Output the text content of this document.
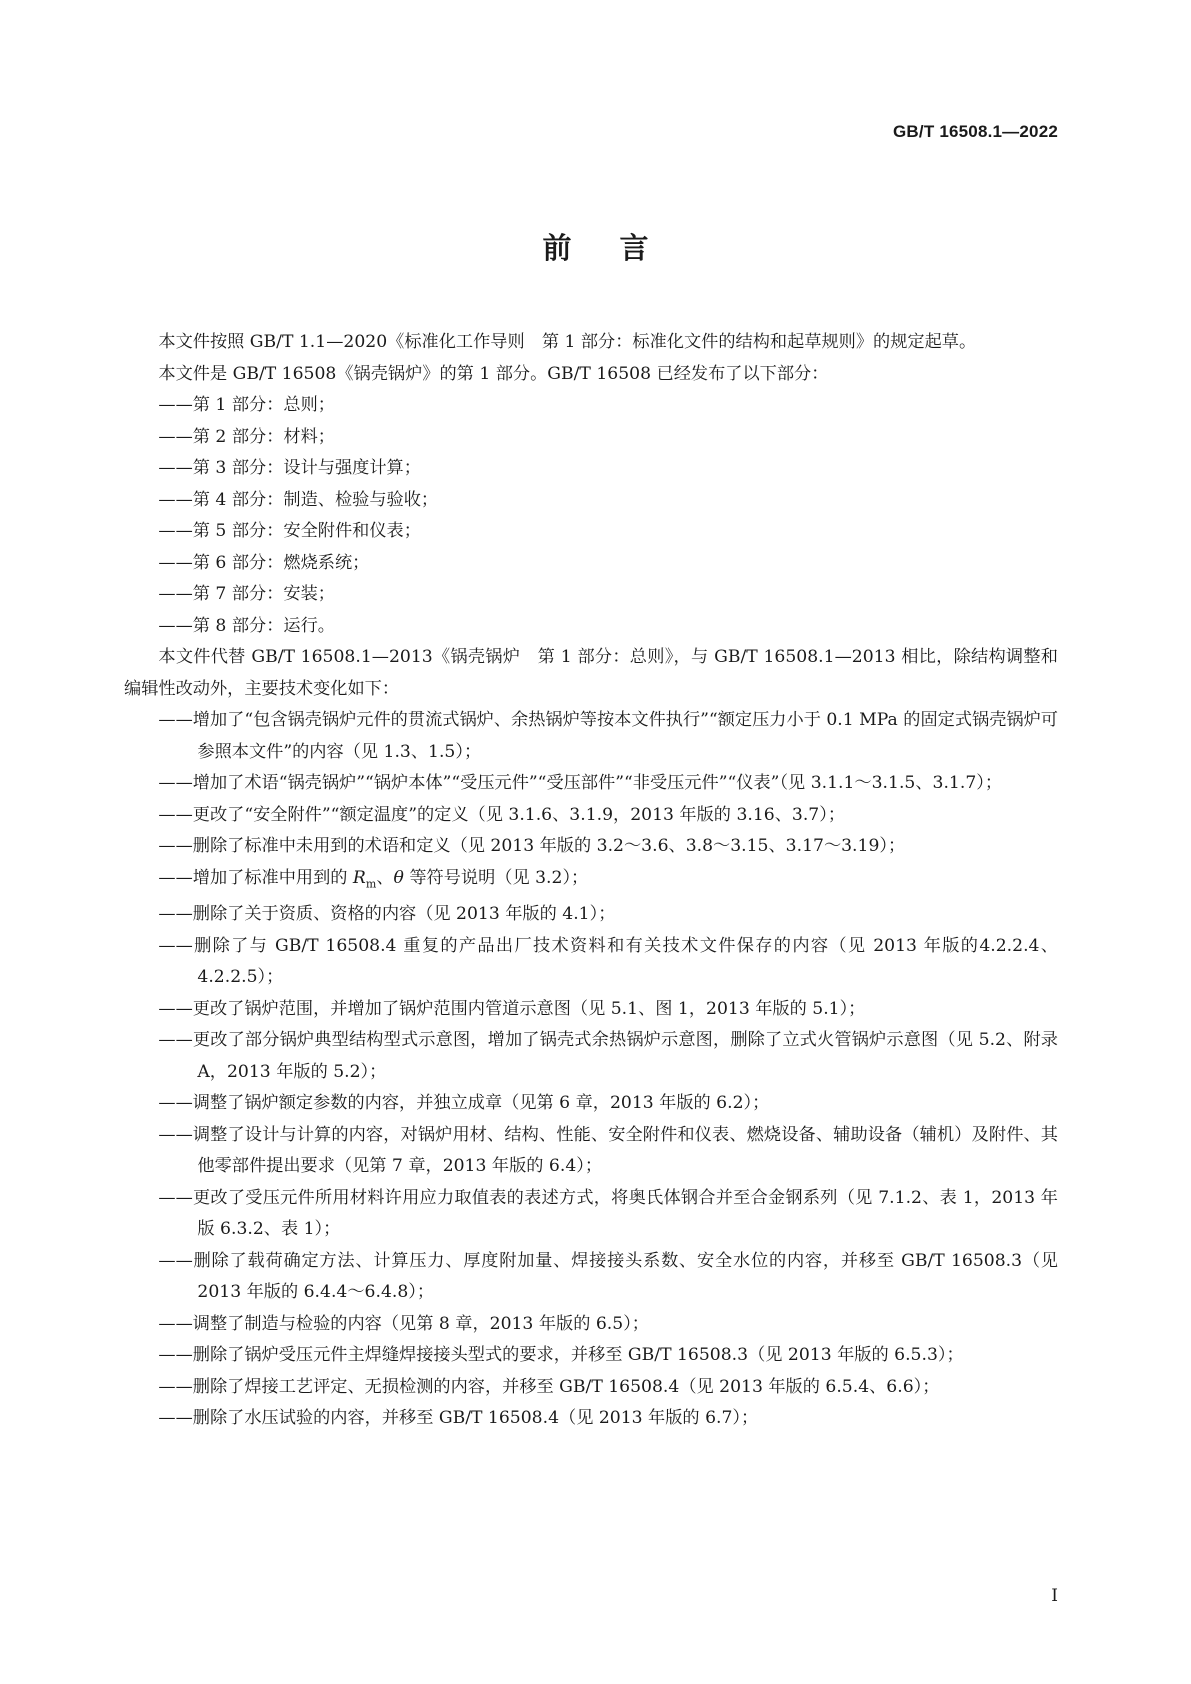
GB/T 16508.1—2022
前言

本文件按照 GB/T 1.1—2020《标准化工作导则　第 1 部分：标准化文件的结构和起草规则》的规定起草。

本文件是 GB/T 16508《锅壳锅炉》的第 1 部分。GB/T 16508 已经发布了以下部分：

——第 1 部分：总则；

——第 2 部分：材料；

——第 3 部分：设计与强度计算；

——第 4 部分：制造、检验与验收；

——第 5 部分：安全附件和仪表；

——第 6 部分：燃烧系统；

——第 7 部分：安装；

——第 8 部分：运行。

本文件代替 GB/T 16508.1—2013《锅壳锅炉　第 1 部分：总则》，与 GB/T 16508.1—2013 相比，除结构调整和编辑性改动外，主要技术变化如下：

——增加了“包含锅壳锅炉元件的贯流式锅炉、余热锅炉等按本文件执行”“额定压力小于 0.1 MPa 的固定式锅壳锅炉可参照本文件”的内容（见 1.3、1.5）；

——增加了术语“锅壳锅炉”“锅炉本体”“受压元件”“受压部件”“非受压元件”“仪表”（见 3.1.1～3.1.5、3.1.7）；

——更改了“安全附件”“额定温度”的定义（见 3.1.6、3.1.9，2013 年版的 3.16、3.7）；

——删除了标准中未用到的术语和定义（见 2013 年版的 3.2～3.6、3.8～3.15、3.17～3.19）；

——增加了标准中用到的 $R_m$、θ 等符号说明（见 3.2）；

——删除了关于资质、资格的内容（见 2013 年版的 4.1）；

——删除了与 GB/T 16508.4 重复的产品出厂技术资料和有关技术文件保存的内容（见 2013 年版的4.2.2.4、4.2.2.5）；

——更改了锅炉范围，并增加了锅炉范围内管道示意图（见 5.1、图 1，2013 年版的 5.1）；

——更改了部分锅炉典型结构型式示意图，增加了锅壳式余热锅炉示意图，删除了立式火管锅炉示意图（见 5.2、附录 A，2013 年版的 5.2）；

——调整了锅炉额定参数的内容，并独立成章（见第 6 章，2013 年版的 6.2）；

——调整了设计与计算的内容，对锅炉用材、结构、性能、安全附件和仪表、燃烧设备、辅助设备（辅机）及附件、其他零部件提出要求（见第 7 章，2013 年版的 6.4）；

——更改了受压元件所用材料许用应力取值表的表述方式，将奥氏体钢合并至合金钢系列（见 7.1.2、表 1，2013 年版 6.3.2、表 1）；

——删除了载荷确定方法、计算压力、厚度附加量、焊接接头系数、安全水位的内容，并移至 GB/T 16508.3（见 2013 年版的 6.4.4～6.4.8）；

——调整了制造与检验的内容（见第 8 章，2013 年版的 6.5）；

——删除了锅炉受压元件主焊缝焊接接头型式的要求，并移至 GB/T 16508.3（见 2013 年版的 6.5.3）；

——删除了焊接工艺评定、无损检测的内容，并移至 GB/T 16508.4（见 2013 年版的 6.5.4、6.6）；

——删除了水压试验的内容，并移至 GB/T 16508.4（见 2013 年版的 6.7）；

I
